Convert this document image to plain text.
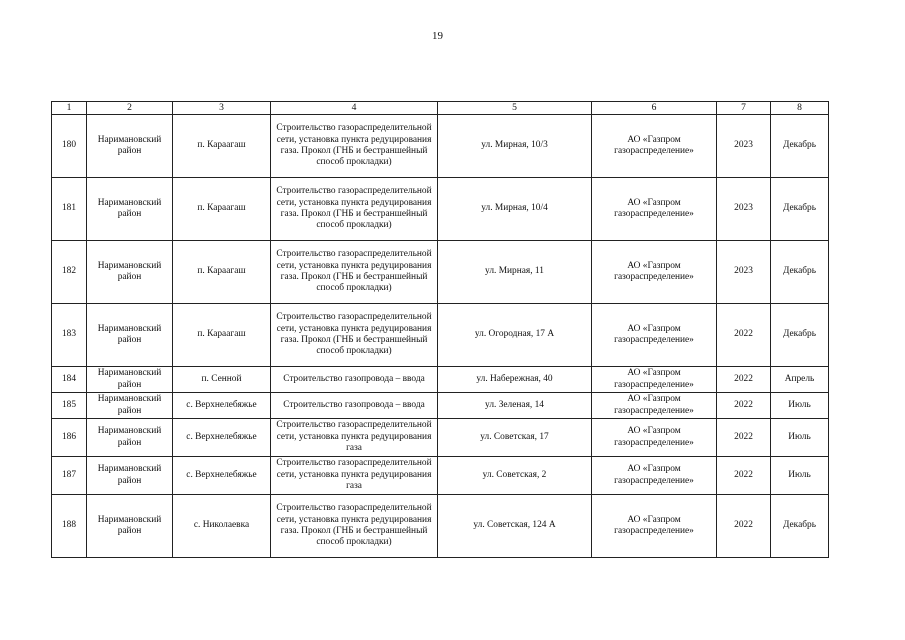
19
1	2	3	4	5	6	7	8
180	Наримановский район	п. Караагаш	Строительство газораспределительной сети, установка пункта редуцирования газа. Прокол (ГНБ и бестраншейный способ прокладки)	ул. Мирная, 10/3	АО «Газпром газораспределение»	2023	Декабрь
181	Наримановский район	п. Караагаш	Строительство газораспределительной сети, установка пункта редуцирования газа. Прокол (ГНБ и бестраншейный способ прокладки)	ул. Мирная, 10/4	АО «Газпром газораспределение»	2023	Декабрь
182	Наримановский район	п. Караагаш	Строительство газораспределительной сети, установка пункта редуцирования газа. Прокол (ГНБ и бестраншейный способ прокладки)	ул. Мирная, 11	АО «Газпром газораспределение»	2023	Декабрь
183	Наримановский район	п. Караагаш	Строительство газораспределительной сети, установка пункта редуцирования газа. Прокол (ГНБ и бестраншейный способ прокладки)	ул. Огородная, 17 А	АО «Газпром газораспределение»	2022	Декабрь
184	Наримановский район	п. Сенной	Строительство газопровода – ввода	ул. Набережная, 40	АО «Газпром газораспределение»	2022	Апрель
185	Наримановский район	с. Верхнелебяжье	Строительство газопровода – ввода	ул. Зеленая, 14	АО «Газпром газораспределение»	2022	Июль
186	Наримановский район	с. Верхнелебяжье	Строительство газораспределительной сети, установка пункта редуцирования газа	ул. Советская, 17	АО «Газпром газораспределение»	2022	Июль
187	Наримановский район	с. Верхнелебяжье	Строительство газораспределительной сети, установка пункта редуцирования газа	ул. Советская, 2	АО «Газпром газораспределение»	2022	Июль
188	Наримановский район	с. Николаевка	Строительство газораспределительной сети, установка пункта редуцирования газа. Прокол (ГНБ и бестраншейный способ прокладки)	ул. Советская, 124 А	АО «Газпром газораспределение»	2022	Декабрь
